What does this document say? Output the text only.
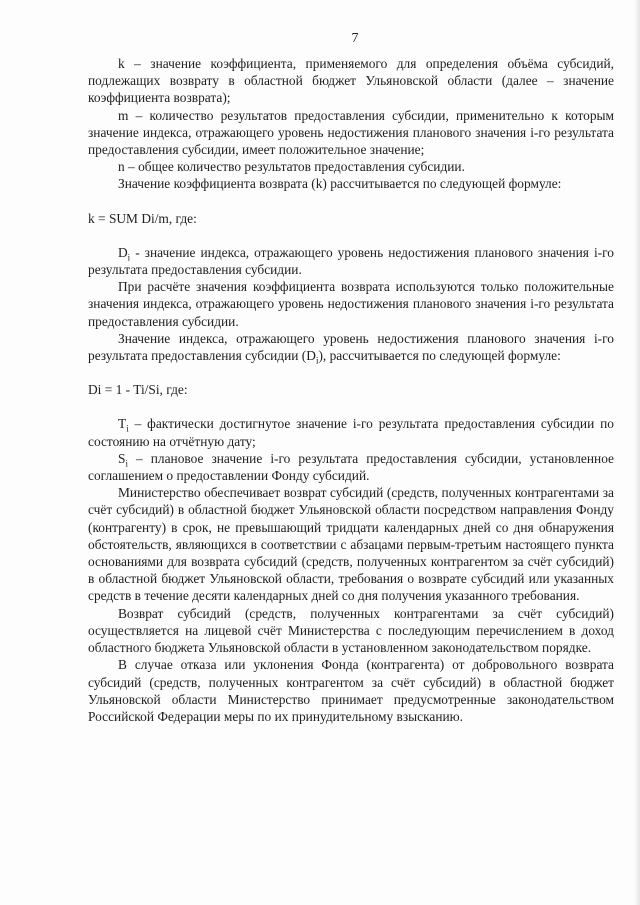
7

k – значение коэффициента, применяемого для определения объёма субсидий, подлежащих возврату в областной бюджет Ульяновской области (далее – значение коэффициента возврата);

m – количество результатов предоставления субсидии, применительно к которым значение индекса, отражающего уровень недостижения планового значения i-го результата предоставления субсидии, имеет положительное значение;

n – общее количество результатов предоставления субсидии.

Значение коэффициента возврата (k) рассчитывается по следующей формуле:

k = SUM Di/m, где:

$D_i$ - значение индекса, отражающего уровень недостижения планового значения i-го результата предоставления субсидии.

При расчёте значения коэффициента возврата используются только положительные значения индекса, отражающего уровень недостижения планового значения i-го результата предоставления субсидии.

Значение индекса, отражающего уровень недостижения планового значения i-го результата предоставления субсидии $(D_i)$, рассчитывается по следующей формуле:

Di = 1 - Ti/Si, где:

$T_i$ – фактически достигнутое значение i-го результата предоставления субсидии по состоянию на отчётную дату;

$S_i$ – плановое значение i-го результата предоставления субсидии, установленное соглашением о предоставлении Фонду субсидий.

Министерство обеспечивает возврат субсидий (средств, полученных контрагентами за счёт субсидий) в областной бюджет Ульяновской области посредством направления Фонду (контрагенту) в срок, не превышающий тридцати календарных дней со дня обнаружения обстоятельств, являющихся в соответствии с абзацами первым-третьим настоящего пункта основаниями для возврата субсидий (средств, полученных контрагентом за счёт субсидий) в областной бюджет Ульяновской области, требования о возврате субсидий или указанных средств в течение десяти календарных дней со дня получения указанного требования.

Возврат субсидий (средств, полученных контрагентами за счёт субсидий) осуществляется на лицевой счёт Министерства с последующим перечислением в доход областного бюджета Ульяновской области в установленном законодательством порядке.

В случае отказа или уклонения Фонда (контрагента) от добровольного возврата субсидий (средств, полученных контрагентом за счёт субсидий) в областной бюджет Ульяновской области Министерство принимает предусмотренные законодательством Российской Федерации меры по их принудительному взысканию.
